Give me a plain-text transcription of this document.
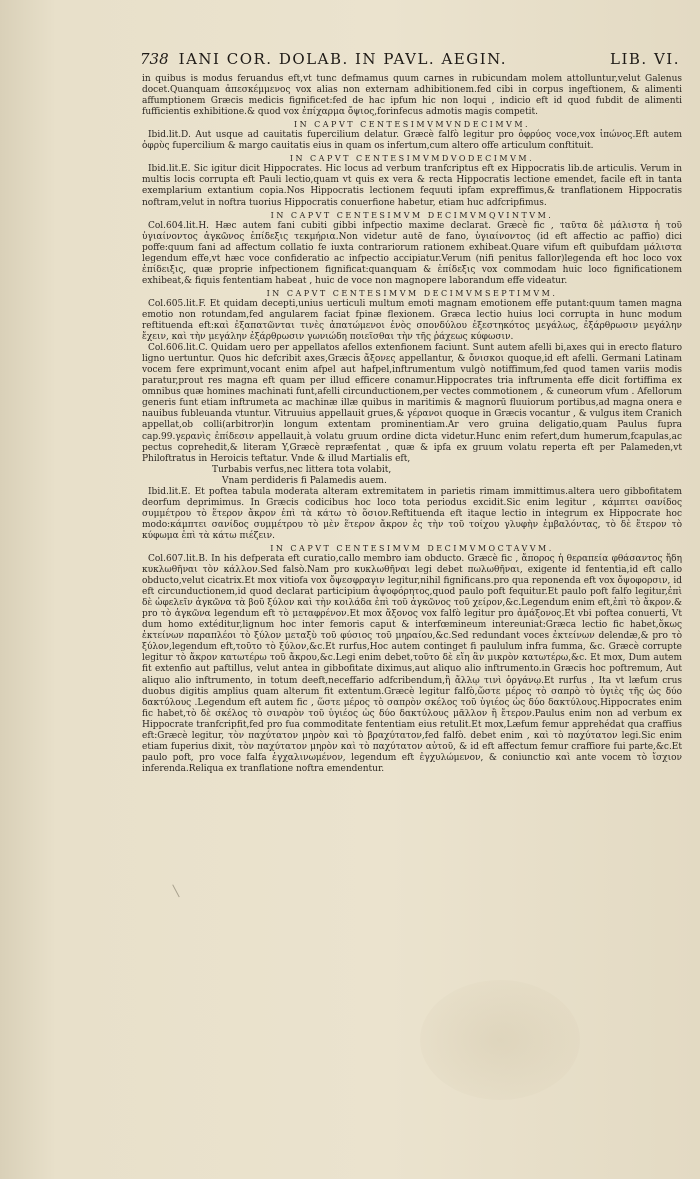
738 IANI COR. DOLAB. IN PAVL. AEGIN.	LIB. VI.

in quibus is modus feruandus eft,vt tunc defmamus quum carnes in rubicundam molem attolluntur,velut Galenus docet.Quanquam ἀπεσκέμμενος vox alias non externam adhibitionem.fed cibi in corpus ingeftionem, & alimenti affumptionem Græcis medicis fignificet:fed de hac ipfum hic non loqui , indicio eft id quod fubdit de alimenti fufficientis exhibitione.& quod vox ἐπίχαρμα ὄψιος,forinfecus admotis magis competit.

IN CAPVT CENTESIMVMVNDECIMVM.

Ibid.lit.D. Aut usque ad cauitatis fupercilium delatur. Græcè falfò legitur pro ὀφρύος voce,vox ἱπώνος.Eft autem ὀφρὺς fupercilium & margo cauitatis eius in quam os infertum,cum altero offe articulum conftituit.

IN CAPVT CENTESIMVMDVODECIMVM.

Ibid.lit.E. Sic igitur dicit Hippocrates. Hic locus ad verbum tranfcriptus eft ex Hippocratis lib.de articulis. Verum in multis locis corrupta eft Pauli lectio,quam vt quis ex vera & recta Hippocratis lectione emendet, facile eft in tanta exemplarium extantium copia.Nos Hippocratis lectionem fequuti ipfam expreffimus,& tranflationem Hippocratis noftram,velut in noftra tuorius Hippocratis conuerfione habetur, etiam huc adfcripfimus.

IN CAPVT CENTESIMVM DECIMVMQVINTVM.

Col.604.lit.H. Hæc autem fani cubiti gibbi infpectio maxime declarat. Græcè fic , ταῦτα δὲ μάλιστα ἡ τοῦ ὑγιαίνοντος ἀγκῶνος ἐπίδεξις τεκμήρια.Non videtur autē de fano, ὑγιαίνοντος (id eft affectio ac paffio) dici poffe:quum fani ad affectum collatio fe iuxta contrariorum rationem exhibeat.Quare vifum eft quibufdam μάλιστα legendum effe,vt hæc voce confideratio ac infpectio accipiatur.Verum (nifi penitus fallor)legenda eft hoc loco vox ἐπίδειξις, quæ proprie infpectionem fignificat:quanquam & ἐπίδεξις vox commodam huic loco fignificationem exhibeat,& fiquis fententiam habeat , huic de voce non magnopere laborandum effe videatur.

IN CAPVT CENTESIMVM DECIMVMSEPTIMVM.

Col.605.lit.F. Et quidam decepti,unius uerticuli multum emoti magnam emotionem effe putant:quum tamen magna emotio non rotundam,fed angularem faciat fpinæ flexionem. Græca lectio huius loci corrupta in hunc modum reftituenda eft:καὶ ἐξαπατῶνται τινὲς ἀπατώμενοι ἐνὸς σπονδύλου ἐξεστηκότος μεγάλως, ἐξάρθρωσιν μεγάλην ἔχειν, καὶ τὴν μεγάλην ἐξάρθρωσιν γωνιώδη ποιεῖσθαι τὴν τῆς ῥάχεως κύφωσιν.

Col.606.lit.C. Quidam uero per appellatos afellos extenfionem faciunt. Sunt autem afelli bi,axes qui in erecto flaturo ligno uertuntur. Quos hic defcribit axes,Græcis ἄξονες appellantur, & ὄνισκοι quoque,id eft afelli. Germani Latinam vocem fere exprimunt,vocant enim afpel aut hafpel,inftrumentum vulgò notiffimum,fed quod tamen variis modis paratur,prout res magna eft quam per illud efficere conamur.Hippocrates tria inftrumenta effe dicit fortiffima ex omnibus quæ homines machinati funt,afelli circunductionem,per vectes commotionem , & cuneorum vfum . Afellorum generis funt etiam inftrumeta ac machinæ illæ quibus in maritimis & magnorū fluuiorum portibus,ad magna onera e nauibus fubleuanda vtuntur. Vitruuius appellauit grues,& γέρανοι quoque in Græcis vocantur , & vulgus item Cranich appellat,ob colli(arbitror)in longum extentam prominentiam.Ar vero gruina deligatio,quam Paulus fupra cap.99.γερανὶς ἐπίδεσιν appellauit,à volatu gruum ordine dicta videtur.Hunc enim refert,dum humerum,fcapulas,ac pectus coprehedit,& literam Y,Græcè repræfentat , quæ & ipfa ex gruum volatu reperta eft per Palameden,vt Philoftratus in Heroicis teftatur. Vnde & illud Martialis eft,

Turbabis verfus,nec littera tota volabit,

Vnam perdideris fi Palamedis auem.

Ibid.lit.E. Et poftea tabula moderata alteram extremitatem in parietis rimam immittimus.altera uero gibbofitatem deorfum deprimimus. In Græcis codicibus hoc loco tota periodus excidit.Sic enim legitur , κάμπτει σανίδος συμμέτρου τὸ ἕτερον ἄκρον ἐπὶ τὰ κάτω τὸ ὅσιον.Reftituenda eft itaque lectio in integrum ex Hippocrate hoc modo:κάμπτει σανίδος συμμέτρου τὸ μὲν ἕτερον ἄκρον ἐς τὴν τοῦ τοίχου γλυφὴν ἐμβαλόντας, τὸ δὲ ἕτερον τὸ κύφωμα ἐπὶ τὰ κάτω πιέζειν.

IN CAPVT CENTESIMVM DECIMVMOCTAVVM.

Col.607.lit.B. In his defperata eft curatio,callo membro iam obducto. Græcè fic , ἄπορος ἡ θεραπεία φθάσαντος ἤδη κυκλωθῆναι τὸν κάλλον.Sed falsò.Nam pro κυκλωθῆναι legi debet πωλωθῆναι, exigente id fententia,id eft callo obducto,velut cicatrix.Et mox vitiofa vox ὄψεσφραγιν legitur,nihil fignificans.pro qua reponenda eft vox ὄψοφορσιν, id eft circunductionem,id quod declarat participium ἀψοφόρητος,quod paulo poft fequitur.Et paulo poft falfo legitur,ἐπὶ δὲ ὠφελεῖν ἀγκῶνα τὰ βοῦ ξύλον καὶ τὴν κοιλάδα ἐπὶ τοῦ ἀγκῶνος τοῦ χείρον,&c.Legendum enim eft,ἐπὶ τὸ ἄκρον.& pro τὸ ἀγκῶνα legendum eft τὸ μεταφρένον.Et mox ἄξονος vox falfò legitur pro ἀμάξονος.Et vbi poftea conuerti, Vt dum homo extéditur,lignum hoc inter femoris caput & interfœmineum intereuniat:Græca lectio fic habet,ὅκως ἐκτείνων παραπλέοι τὸ ξύλον μεταξὺ τοῦ φύσιος τοῦ μηραίου,&c.Sed redundant voces ἐκτείνων delendæ,& pro τὸ ξύλον,legendum eft,τοῦτο τὸ ξύλον,&c.Et rurfus,Hoc autem continget fi paululum infra fumma, &c. Græcè corrupte legitur τὸ ἄκρον κατωτέρω τοῦ ἄκρου,&c.Legi enim debet,τοῦτο δὲ εἴη ἂν μικρὸν κατωτέρω,&c. Et mox, Dum autem fit extenfio aut paftillus, velut antea in gibbofitate diximus,aut aliquo alio inftrumento.in Græcis hoc poftremum, Aut aliquo alio inftrumento, in totum deeft,neceffario adfcribendum,ἢ ἄλλῳ τινὶ ὀργάνῳ.Et rurfus , Ita vt læfum crus duobus digitis amplius quam alterum fit extentum.Græcè legitur falfò,ὥστε μέρος τὸ σαπρὸ τὸ ὑγιὲς τῆς ὡς δύο δακτύλους .Legendum eft autem fic , ὥστε μέρος τὸ σαπρὸν σκέλος τοῦ ὑγιέος ὡς δύο δακτύλους.Hippocrates enim fic habet,τὸ δὲ σκέλος τὸ σιναρὸν τοῦ ὑγιέος ὡς δύο δακτύλους μᾶλλον ἢ ἔτερον.Paulus enim non ad verbum ex Hippocrate tranfcripfit,fed pro fua commoditate fententiam eius retulit.Et mox,Læfum femur apprehédat qua craffius eft:Græcè legitur, τὸν παχύτατον μηρὸν καὶ τὸ βραχύτατον,fed falfò. debet enim , καὶ τὸ παχύτατον legi.Sic enim etiam fuperius dixit, τὸν παχύτατον μηρὸν καὶ τὸ παχύτατον αὐτοῦ, & id eft affectum femur craffiore fui parte,&c.Et paulo poft, pro voce falfa ἐγχαλινωμένον, legendum eft ἐγχυλώμενον, & coniunctio καὶ ante vocem τὸ ἴσχιον inferenda.Reliqua ex tranflatione noftra emendentur.
